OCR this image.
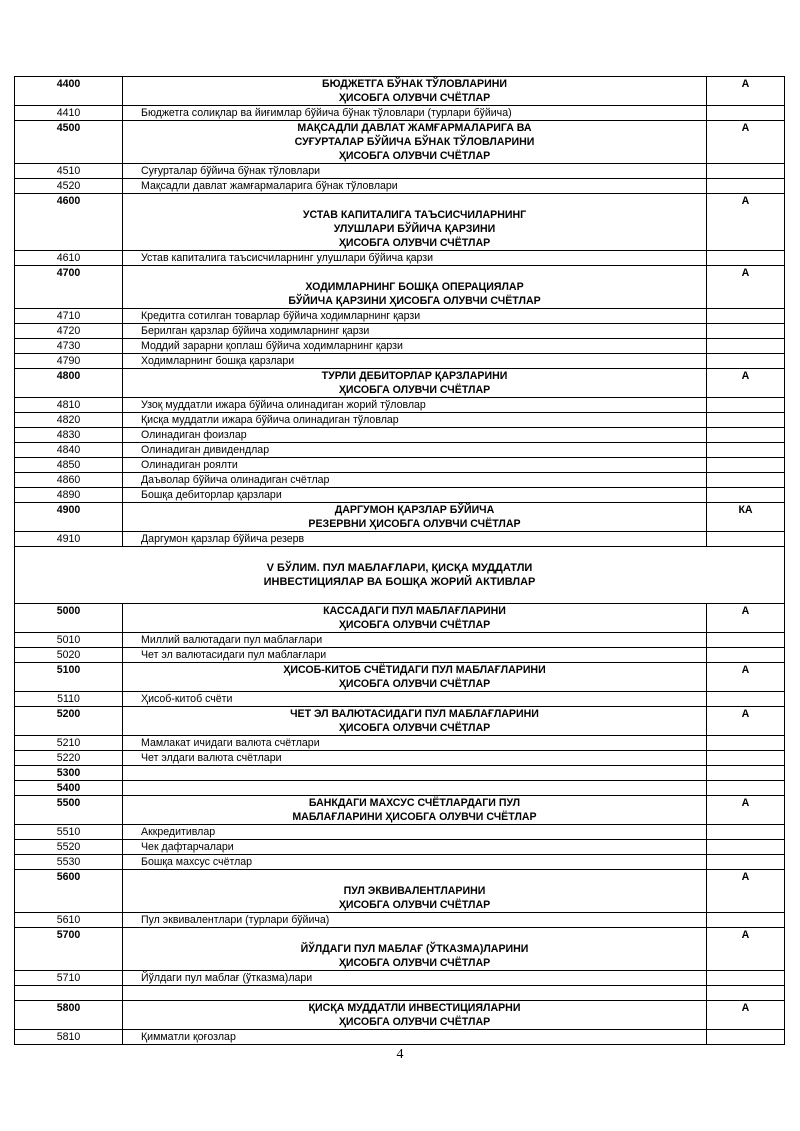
4400	БЮДЖЕТГА БЎНАК ТЎЛОВЛАРИНИ
ҲИСОБГА ОЛУВЧИ СЧЁТЛАР	А
4410	Бюджетга солиқлар ва йиғимлар бўйича бўнак тўловлари (турлари бўйича)	
4500	МАҚСАДЛИ ДАВЛАТ ЖАМҒАРМАЛАРИГА ВА
СУҒУРТАЛАР БЎЙИЧА БЎНАК ТЎЛОВЛАРИНИ
ҲИСОБГА ОЛУВЧИ СЧЁТЛАР	А
4510	Суғурталар бўйича бўнак тўловлари	
4520	Мақсадли давлат жамғармаларига бўнак тўловлари	
4600	УСТАВ КАПИТАЛИГА ТАЪСИСЧИЛАРНИНГ
УЛУШЛАРИ БЎЙИЧА ҚАРЗИНИ
ҲИСОБГА ОЛУВЧИ СЧЁТЛАР	А
4610	Устав капиталига таъсисчиларнинг улушлари бўйича қарзи	
4700	ХОДИМЛАРНИНГ БОШҚА ОПЕРАЦИЯЛАР
БЎЙИЧА ҚАРЗИНИ ҲИСОБГА ОЛУВЧИ СЧЁТЛАР	А
4710	Кредитга сотилган товарлар бўйича ходимларнинг қарзи	
4720	Берилган қарзлар бўйича ходимларнинг қарзи	
4730	Моддий зарарни қоплаш бўйича ходимларнинг қарзи	
4790	Ходимларнинг бошқа қарзлари	
4800	ТУРЛИ ДЕБИТОРЛАР ҚАРЗЛАРИНИ
ҲИСОБГА ОЛУВЧИ СЧЁТЛАР	А
4810	Узоқ муддатли ижара бўйича олинадиган жорий тўловлар	
4820	Қисқа муддатли ижара бўйича олинадиган тўловлар	
4830	Олинадиган фоизлар	
4840	Олинадиган дивидендлар	
4850	Олинадиган роялти	
4860	Даъволар бўйича олинадиган счётлар	
4890	Бошқа дебиторлар қарзлари	
4900	ДАРГУМОН ҚАРЗЛАР БЎЙИЧА
РЕЗЕРВНИ ҲИСОБГА ОЛУВЧИ СЧЁТЛАР	КА
4910	Даргумон қарзлар бўйича резерв	

V БЎЛИМ. ПУЛ МАБЛАҒЛАРИ, ҚИСҚА МУДДАТЛИ
ИНВЕСТИЦИЯЛАР ВА БОШҚА ЖОРИЙ АКТИВЛАР		

5000	КАССАДАГИ ПУЛ МАБЛАҒЛАРИНИ
ҲИСОБГА ОЛУВЧИ СЧЁТЛАР	А
5010	Миллий валютадаги пул маблағлари	
5020	Чет эл валютасидаги пул маблағлари	
5100	ҲИСОБ-КИТОБ СЧЁТИДАГИ ПУЛ МАБЛАҒЛАРИНИ
ҲИСОБГА ОЛУВЧИ СЧЁТЛАР	А
5110	Ҳисоб-китоб счёти	
5200	ЧЕТ ЭЛ ВАЛЮТАСИДАГИ ПУЛ МАБЛАҒЛАРИНИ
ҲИСОБГА ОЛУВЧИ СЧЁТЛАР	А
5210	Мамлакат ичидаги валюта счётлари	
5220	Чет элдаги валюта счётлари	
5300	

5400	

5500	БАНКДАГИ МАХСУС СЧЁТЛАРДАГИ ПУЛ
МАБЛАҒЛАРИНИ ҲИСОБГА ОЛУВЧИ СЧЁТЛАР	А
5510	Аккредитивлар	
5520	Чек дафтарчалари	
5530	Бошқа махсус счётлар	
5600	ПУЛ ЭКВИВАЛЕНТЛАРИНИ
ҲИСОБГА ОЛУВЧИ СЧЁТЛАР	А
5610	Пул эквивалентлари (турлари бўйича)	
5700	ЙЎЛДАГИ ПУЛ МАБЛАҒ (ЎТКАЗМА)ЛАРИНИ
ҲИСОБГА ОЛУВЧИ СЧЁТЛАР	А
5710	Йўлдаги пул маблағ (ўтказма)лари	

5800	ҚИСҚА МУДДАТЛИ ИНВЕСТИЦИЯЛАРНИ
ҲИСОБГА ОЛУВЧИ СЧЁТЛАР	А
5810	Қимматли қоғозлар	
4
